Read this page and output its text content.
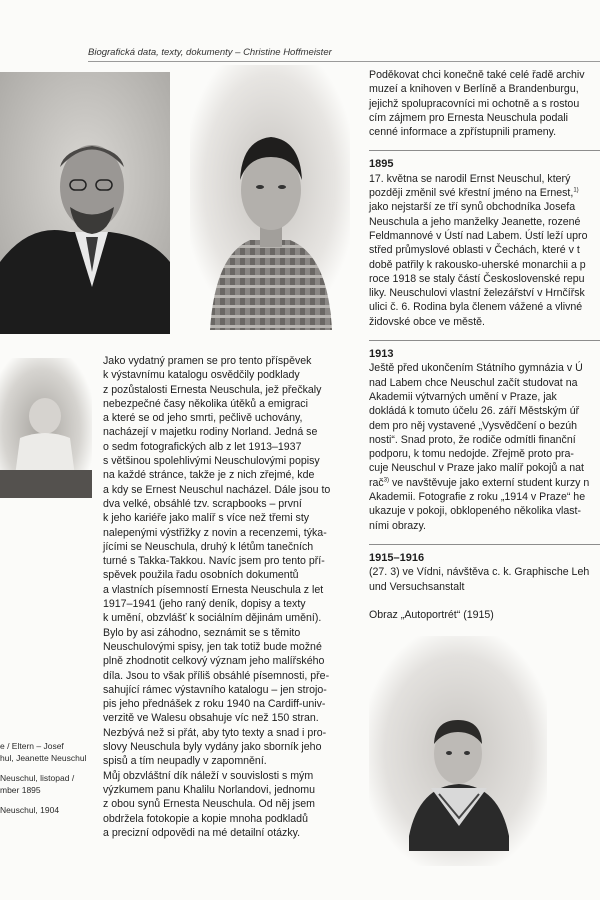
Biografická data, texty, dokumenty – Christine Hoffmeister

e / Eltern – Josef

hul, Jeanette Neuschul

Neuschul, listopad /

mber 1895

Neuschul, 1904

Jako vydatný pramen se pro tento příspěvek

k výstavnímu katalogu osvědčily podklady

z pozůstalosti Ernesta Neuschula, jež přečkaly

nebezpečné časy několika útěků a emigraci

a které se od jeho smrti, pečlivě uchovány,

nacházejí v majetku rodiny Norland. Jedná se

o sedm fotografických alb z let 1913–1937

s většinou spolehlivými Neuschulovými popisy

na každé stránce, takže je z nich zřejmé, kde

a kdy se Ernest Neuschul nacházel. Dále jsou to

dva velké, obsáhlé tzv. scrapbooks – první

k jeho kariéře jako malíř s více než třemi sty

nalepenými výstřižky z novin a recenzemi, týka-

jícími se Neuschula, druhý k létům tanečních

turné s Takka-Takkou. Navíc jsem pro tento pří-

spěvek použila řadu osobních dokumentů

a vlastních písemností Ernesta Neuschula z let

1917–1941 (jeho raný deník, dopisy a texty

k umění, obzvlášť k sociálním dějinám umění).

Bylo by asi záhodno, seznámit se s těmito

Neuschulovými spisy, jen tak totiž bude možné

plně zhodnotit celkový význam jeho malířského

díla. Jsou to však příliš obsáhlé písemnosti, pře-

sahující rámec výstavního katalogu – jen strojo-

pis jeho přednášek z roku 1940 na Cardiff-univ-

verzitě ve Walesu obsahuje víc než 150 stran.

Nezbývá než si přát, aby tyto texty a snad i pro-

slovy Neuschula byly vydány jako sborník jeho

spisů a tím neupadly v zapomnění.

Můj obzvláštní dík náleží v souvislosti s mým

výzkumem panu Khalilu Norlandovi, jednomu

z obou synů Ernesta Neuschula. Od něj jsem

obdržela fotokopie a kopie mnoha podkladů

a precizní odpovědi na mé detailní otázky.

Poděkovat chci konečně také celé řadě archiv

muzeí a knihoven v Berlíně a Brandenburgu,

jejichž spolupracovníci mi ochotně a s rostou

cím zájmem pro Ernesta Neuschula podali

cenné informace a zpřístupnili prameny.

1895

17. května se narodil Ernst Neuschul, který

později změnil své křestní jméno na Ernest,$^{1)}$

jako nejstarší ze tří synů obchodníka Josefa

Neuschula a jeho manželky Jeanette, rozené

Feldmannové v Ústí nad Labem. Ústí leží upro

střed průmyslové oblasti v Čechách, které v t

době patřily k rakousko-uherské monarchii a p

roce 1918 se staly částí Československé repu

liky. Neuschulovi vlastní železářství v Hrnčířsk

ulici č. 6. Rodina byla členem vážené a vlivné

židovské obce ve městě.

1913

Ještě před ukončením Státního gymnázia v Ú

nad Labem chce Neuschul začít studovat na

Akademii výtvarných umění v Praze, jak

dokládá k tomuto účelu 26. září Městským úř

dem pro něj vystavené „Vysvědčení o bezúh

nosti“. Snad proto, že rodiče odmítli finanční

podporu, k tomu nedojde. Zřejmě proto pra-

cuje Neuschul v Praze jako malíř pokojů a nat

rač$^{3)}$ ve navštěvuje jako externí student kurzy n

Akademii. Fotografie z roku „1914 v Praze“ he

ukazuje v pokoji, obklopeného několika vlast-

ními obrazy.

1915–1916

(27. 3) ve Vídni, návštěva c. k. Graphische Leh

und Versuchsanstalt

Obraz „Autoportrét“ (1915)
